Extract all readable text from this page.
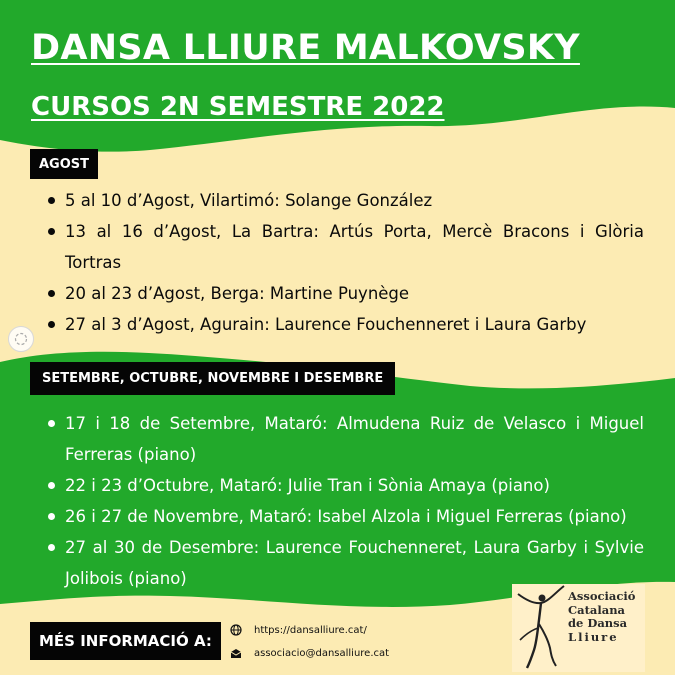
DANSA LLIURE MALKOVSKY
CURSOS 2N SEMESTRE 2022
AGOST
5 al 10 d’Agost, Vilartimó: Solange González
13 al 16 d’Agost, La Bartra: Artús Porta, Mercè Bracons i Glòria Tortras
20 al 23 d’Agost, Berga: Martine Puynège
27 al 3 d’Agost, Agurain: Laurence Fouchenneret i Laura Garby
SETEMBRE, OCTUBRE, NOVEMBRE I DESEMBRE
17 i 18 de Setembre, Mataró: Almudena Ruiz de Velasco i Miguel Ferreras (piano)
22 i 23 d’Octubre, Mataró: Julie Tran i Sònia Amaya (piano)
26 i 27 de Novembre, Mataró: Isabel Alzola i Miguel Ferreras (piano)
27 al 30 de Desembre: Laurence Fouchenneret, Laura Garby i Sylvie Jolibois (piano)
MÉS INFORMACIÓ A:
https://dansalliure.cat/
associacio@dansalliure.cat
Associació
Catalana
de Dansa
Lliure
